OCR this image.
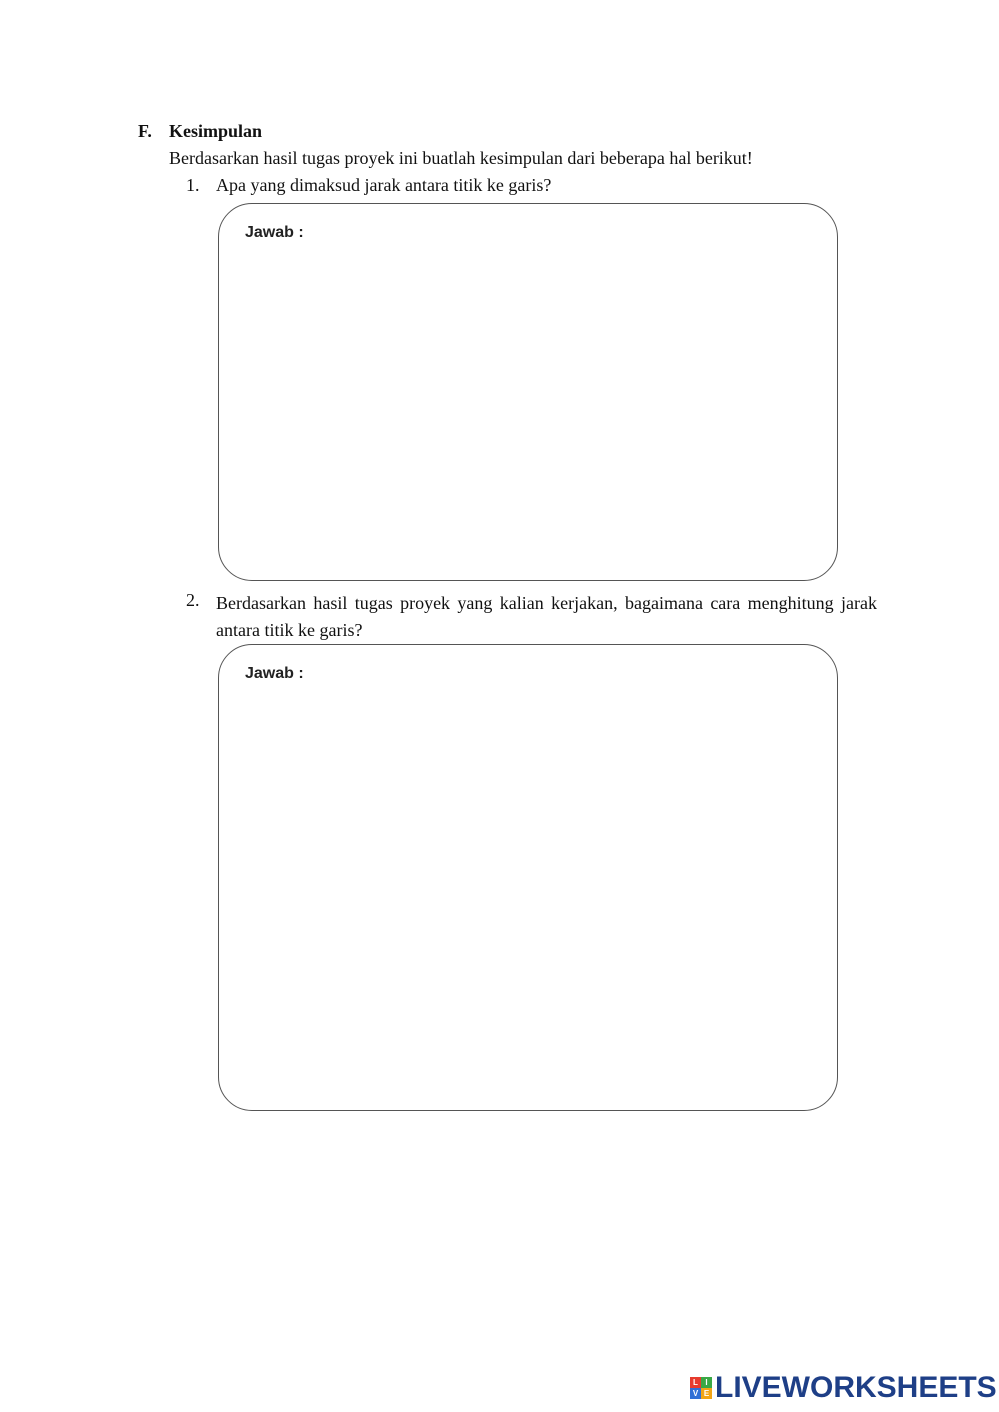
F. Kesimpulan
Berdasarkan hasil tugas proyek ini buatlah kesimpulan dari beberapa hal berikut!
1. Apa yang dimaksud jarak antara titik ke garis?
Jawab :
2. Berdasarkan hasil tugas proyek yang kalian kerjakan, bagaimana cara menghitung jarak antara titik ke garis?
Jawab :
L I
V E LIVEWORKSHEETS
